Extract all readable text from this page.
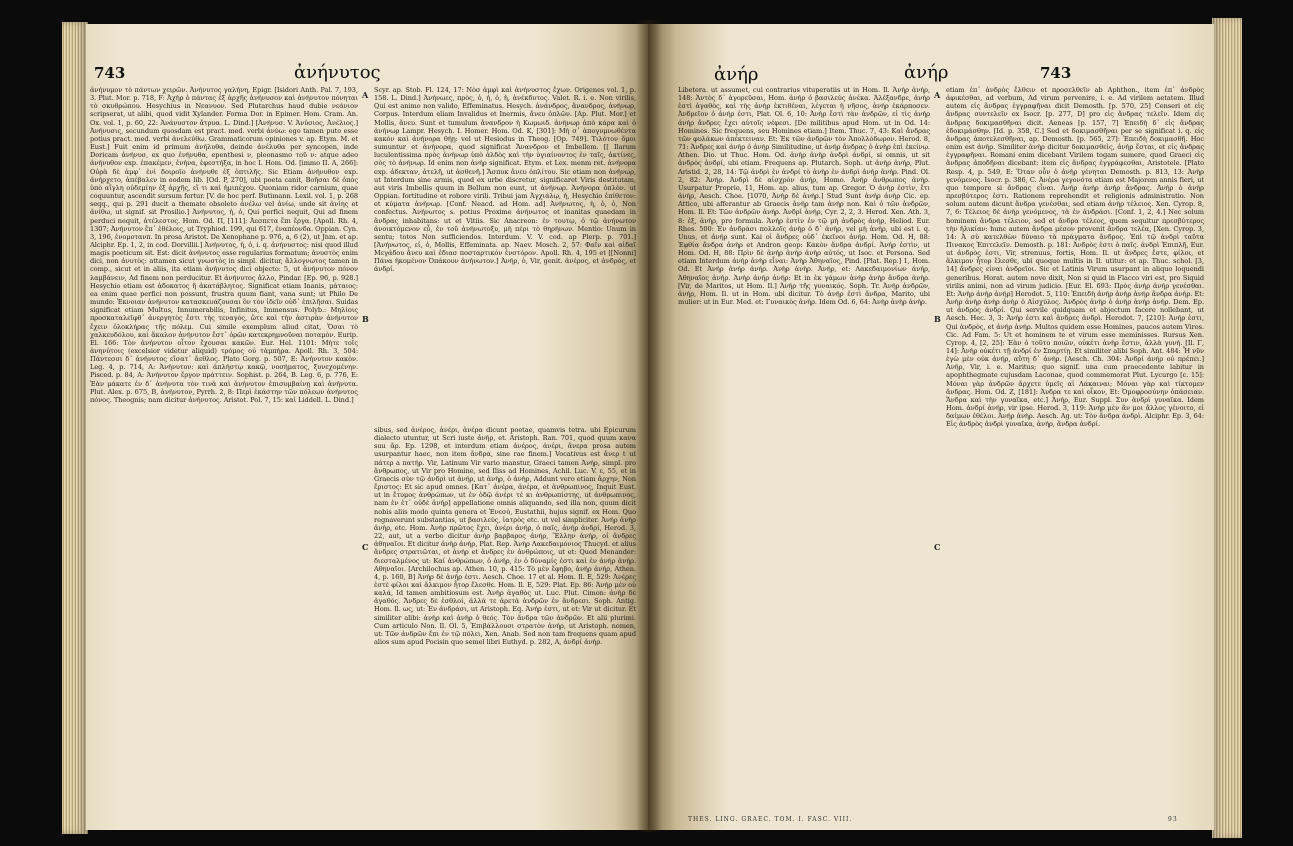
743	ἀνήνυτος

ἀνήνυμον τὸ πάντων χειρῶν. Ἀνήνυτος γαλήνη, Epigr. [Isidori Anth. Pal. 7, 193, 3. Plut. Mor. p. 718, F: Ἀχὴρ ὁ πάντας ἐξ ἀρχῆς ἀνήνυσον καὶ ἀνήνυτον πόνηται τὸ σκυθρώπου. Hesychius in Νεανυον. Sed Plutarchus haud dubie νεάνιον scripserat, ut alibi, quod vidit Xylander. Forma Dor. in Epimer. Hom. Cram. An. Ox. vol. 1, p. 60, 22: Ἀνάνυστον ἄτρυα. L. Dind.] [Ἀνήνυσ. V. Ἀνύσιος, Ἀνέλιος.] Ἀνήνυσις, secundum quosdam est pract. med. verbi ἀνύω: ego tamen puto esse potius pract. med. verbi ἀνελεύθω. Grammaticorum opiniones v. ap. Etym. M. et Eust.] Fuit enim id primum ἀνήλυθα, deinde ἀνέλυθα per syncopen, inde Doricam ἀνήνυσ, ex quo ἐνήνυθα, epenthesi ν, pleonasmo τοῦ ν: atque adeo ἀνήνυθον exp. ἐπακέμεν, ἐνήνα, ἐφεστήξα, in hoc I. Hom. Od. [immo II. A, 266]: Οὐρὰ δὲ ἀμφ᾽ ἐνὶ δοιροῖο ἀνήνυθε ἐξ ὀπτιλῆς. Sic Etiam ἀνήνυθον exp. ἀνήρχετο, ἀπέβαλεν in eodem lib. [Od. P, 270], ubi poeta canit, Βοῆσαι δὲ ὀπὸς ὑπὸ αἴγλη οὐδεμίην ἐξ ἀρχῆς, εἴ τι καὶ ἡμιπέχου. Quoniam ridor carnium, quae coquuntur, ascendit sursum fertur. [V. de hoc perf. Butimann. Lexil. vol. 1, p. 268 seqq., qui p. 291 ducit a themate obsoleto ἀνέλω vel ἀνίω, unde sit ἀνίης et ἀνίθω, ut signif. sit Prosilio.] Ἀνήνυτος, ἡ, ὁ, Qui perfici nequit, Qui ad finem perduci nequit, ἀτέλεστος. Hom. Od. Π, [111]: Ἀεσπετα ἔπι ἔργα. [Apoll. Rh. 4, 1307; Ἀνήνυτον ἔπ᾽ ἐθέλοις, ut Tryphiod. 199, qui 617, ἐναπέονδα. Oppian. Cyn. 3, 196, ἐνομοτανπ. In prosa Aristot. De Xenophane p. 976, a, 6 (2), ut Jnm. et ap. Alciphr. Ep. 1, 2, in cod. Dorvillii.] Ἀνήνυτος, ἡ, ὁ, i. q. ἀνήνυστος: nisi quod illud magis poeticum sit. Est: dicit ἀνήνυτος esse regularius formatum; ἀνυστὸς enim dici, non ἀνυτὸς: attamen sicut γνωστὸς in simpl. dicitur, ἄλλογνωτος tamen in comp., sicut et in aliis, ita etiam ἀνήνυτος dici objecto: 5, ut ἄνήνυτον πόνον λαμβάνειν, Ad finem non perducitur. Et ἀνήνυτος ἄλλο, Pindar. [Ep. 96, p. 928.] Hesychio etiam est ἀδοκατος ἢ ἀκατάβλητος. Significat etiam Inanis, μάταιος: ea enim quae perfici non possunt, frustra quum fiant, vana sunt; ut Philo De mundo: Ἐκνοιαν ἀνήνυτον κατασκευάζουσαι ὃν τὸν ἰδεῖν οὐδ᾽ ἐπιλῆσαι. Suidas significat etiam Multus, Innumerabilis, Infinitus, Immensus. Polyb.: Μηλίοις προσκαταλεῖφθ᾽ ἀνεργητὸς ἔστι τὴς τεναγός, ὥτε καὶ τὴν ἀστιρὰν ἀνήνυτον ἔχειν ὀλοκλήρας τῆς πόλεμ. Cui simile exemplum aliud citat, Ὅσαι τὸ χαλκευδόλου, καὶ ἄκαλον ἀνήνυτον ἔστ᾽ ὀρῶν κατεκρημνοῦναι ποταμὸν. Eurip. El. 166: Τὸν ἀνήνυτον οἶτον ἔχουσαι κακῶν. Eur. Hel. 1101: Μὴτε τοῖς ἀνηνύτοις (excelsior videtur aliquid) τρόμος οὐ τὰμπὴρα. Apoll. Rh. 3, 504: Πάντεσσι δ᾽ ἀνήνυτος εἴσατ᾽ ἄεθλος. Plato Gorg. p. 507, E: Ἀνήνυτον κακὸν. Leg. 4, p. 714, A: Ἀνήνυτον: καὶ ἀπλήστῳ κακῷ, νοσήματος, ξυνεχομένην. Pisced. p. 84, A: Ἀνήνυτον ἔργον πράττειν. Sophist. p. 264, B. Leg. 6, p. 776, E: Ἐὰν μάκατε ἐν δ᾽ ἀνήνυτα τὸν τινὰ καὶ ἀνήνυτον ἐπισυμβαίνῃ καὶ ἀνήνυτα. Plut. Alex. p. 675, B, ἀνήνυτον, Pyrrh. 2, 8: Περὶ ἑκάστην τῶν πόλεων ἀνήνυτος πόνος. Theognis; nam dicitur ἀνήνυτος. Aristot. Pol. 7, 15: καὶ Liddell. L. Dind.]

A
B
C

Scyr. ap. Stob. Fl. 124, 17: Νὸσ ἀμφὶ καὶ ἀνήνυστος ἔχων. Origenes vol. 1, p. 158. L. Dind.] Ἀνήνωες, πρὸς, ὁ, ἡ, ὁ, ἡ, ἀνέκδυτος. Valet. R. i. e. Non virilis, Qui est animo non valido, Effeminatus. Hesych. ἀνάνδρος, ἄνανδρος, ἀνήνωρ, Corpus. Interdum eliam Invalidus et Inermis, ἄνευ ὁπλῶν. [Ap. Plut. Mor.] et Mollis, ἄνευ. Sunt et tumulum ἄνανδρον ἡ Κωμωιδ. ἀνήνωρ ἀπὸ κάρα καὶ ὁ ἀνήνωρ Lampr. Hesych. I. Homer. Hom. Od. K, [301]: Μὴ σ᾽ ἀπογυμνωθέντα κακὸν καὶ ἀνήνορα θήῃ: vel ut Hesiodus in Theog. [Op. 749]. Τιλότον ὄμοι sumuntur et ἀνήνορα, quod significat Ἄνανδρον et Imbellem. [[ Ilarum luculentissima πρὸς ἀνήνωρ ὑπὸ ἀλδὸς καὶ τὴν ὑγιαίνοντος ἐν ταῖς, ἀκτίνες, σὸς τὸ ἀνήνωρ. Id enim non ἀνήρ significat. Etym. et Lex. menm ret. ἀνήνορα exp. ἀδεκταν, ἀτελῆ, ut ἀσθενῆ.] Ἄσπυκ ἄνευ ὁπλίτου. Sic etiam non ἀνήνωρ, ut Interdum sine armis, quod ex urbe discretur, significaret Viris destitutam, aut viris Imbellis quum in Bellum non eunt, ut ἀνήνωρ. Ἀνήνορα ὁπλὸν. ut Oppian. fortitudine et robore virili. Tribui jam Ἀγχιάλῳ, ἡ, Hesychio ἐπίθετον: et κύματα ἀνήνωρ. [Conf. Neacd. ad Hom. ad] Ἀνήνωτος, ἡ, ὁ, ὁ, Non confectus. Ἀνήνωτος s. potius Proxime ἀνήνωτος et inanitas quaedam in ἄνδρας inhabitans: ut et Vitiis. Sic Anacreon: ἐν τουτῳ, ὁ τῷ ἀνήνωτον ἀνοικτόμενον εὖ, ἐν τοῦ ἀνήνωτοξυ, μὴ πέρι τὸ θηρήνων. Mentio: Unum in sentu; totos Non sufficiendos. Interdum. V. V. cod. ap Plerp. p. 701.] [Ἀνήνωτος, εἰ, ὁ, Mollis, Effeminata. ap. Naev. Mosch. 2, 57: Φαῖν καὶ αἰδαῖ Μεγάδου ἄνευ καὶ ἐδιασ ποσταρτικόν ἐνστόρον. Apoll. Rh. 4, 195 et [[Nonni] Πάνα ἠκομένον Ὀπάκουν ἀνήνωτον.] Ἀνήρ, ὁ, Vir, genit. ἀνέρος, et ἀνδρός, et ἀνδρί.

sibus, sed ἀνέρος, ἀνέρι, ἀνέρα dicunt poetae, quamvis tetra. ubi Epicurum dialecto utuntur, ut Scri iuste ἀνήρ, et. Aristoph. Ran. 701, quod quum κανα suu ἄρ. Ep. 1298, et interdum etiam ἀνέρος, ἀνέρι, ἄνερα prosa autem usurpantur haec, non item ἄνδρα, sine rae finem.] Vocativus est ἄνερ t ut πάτερ a πατήρ. Vir, Latinum Vir vario manstur, Graeci tamen Ἀνήρ, simpl. pro ἄνθρωπος, ut Vir pro Homine, sed Iliss ad Homines, Achil. Luc. V. ε, 55, et in Graecis σὺν τῷ ἀνδρὶ ut ἀνήρ, ut ἀνὴρ, ὁ ἀνὴρ, Addunt vero etiam ἄρχην, Non ἔριστος: Et sic apud omnes. [Κατ᾽ ἀνέρα, ἀνέρα, et ἀνθρωπινος, Inquit Eust. ut in ἔτυμος ἀνθρώπων, ut ἐν ὁδῷ ἀνέρι τέ κι ἀνθρωπίστης, ut ἀνθρωπινος, nam ἐν ἐτ᾽ οὐδὲ ἀνήρ] appellatione omnis aliquando, sed illa non, quum dicit nobis aliis modo quinta genera et Ἐνεσὸ, Eustathii, hujus signif. ex Hom. Quo regnaverunt substantias, ut βασιλεύς, ἰατρὸς etc. ut vel simpliciter. Ἀνήρ ἀνὴρ ἀνὴρ, etc. Hom. Ἀνὴρ πρῶτος ἔχει, ἀνέρι ἀνήρ, ὁ παῖς, ἀνήρ ἀνδρί, Herod. 3, 22, aut, ut a verbo dicitur ἀνὴρ βαρβαρος ἀνήρ, Ἕλλην ἀνήρ, οἱ ἄνδρες ἀθηναῖοι. Et dicitur ἀνὴρ ἀνὴρ, Plat. Rep. Ἀνὴρ Λακεδαιμόνιος Thucyd. et alius ἄνδρες στρατιῶται, et ἀνήρ et ἄνδρες ἐν ἀνθρώποις, ut et: Quod Menander: διεσταλμένος ut: Καί ἀνθρώπων, ὁ ἀνήρ, ἐν ὁ δύναμίς ἐστι καὶ ἐν ἀνήρ ἀνήρ. Αθηναῖοι. [Archilochus ap. Athen. 10, p. 415: Τὸ μὲν ἔφηβο, ἀνήρ ἀνήρ, Athen. 4, p. 160, B] Ἀνήρ δὲ ἀνήρ ἐστι. Aesch. Choe. 17 et al. Hom. Il. E, 529: Ἀνέρες ἐστὲ φίλοι καὶ ἄλκιμον ἦτορ ἕλεσθε. Hom. Il. E, 529: Plat. Ep. 86: Ἀνήρ μέν οὐ καλά, Id tamen ambitiosum est. Ἀνὴρ ἀγαθὸς ut. Luc. Plut. Cimon: ἀνὴρ δὲ ἀγαθός. Ἄνδρες δὲ ἐσθλοί, ἀλλά τε ἀρετὰ ἀνδρῶν ἐν ἄνδρεσι. Soph. Antig. Hom. Il. ως, ut: Ἐν ἀνδράσι, ut Aristoph. Eq. Ἀνήρ ἐστι, ut et: Vir ut dicitur. Et similiter alibi: ἀνὴρ καὶ ἀνὴρ ὁ θεός. Τὸν ἄνδρα τῶν ἀνδρῶν. Et alii plurimi. Cum articulo Non. Il. Ol. 5, Ἐπιβάλλουσι στρατὸν ἀνήρ, ut Aristoph. nomen, ut: Τῶν ἀνδρῶν ἔπι ἐν τῷ πόλει, Xen. Anab. Sed non tam frequens quam apud alios sum apud Pocisin quo semel libri Euthyd. p. 282, A, ἀνδρί ἀνήρ.

ἀνήρ	ἀνήρ	743

Libetera. ut assumet, cui contrarius vituperatiis ut in Hom. Il. Ἀνήρ ἀνήρ, 148: Ἀντὸς δ᾽ ἀγορεῦσαι, Hom. ἀνήρ ὁ βασιλεύς ἀνέκα. Ἀλέξανδρε, ἀνήρ ἐστὶ ἀγαθὸς, καὶ τὴς ἀνὴρ ἐκτιθέναι, λέγεται ἡ νῆσος, ἀνήρ ἐκάρποσεν. Ἀνδρεῖον ὁ ἀνήρ ἐστι, Plat. Ol. 6, 10: Ἀνὴρ ἔστὶ τὰν ἀνδρῶν, εἰ τὶς ἀνήρ ἀνήρ ἄνδρες ἔχει αὐτοῖς νέφεσι. [De militibus apud Hom. ut in Od. 14: Homines. Sic frequens, seu Homines etiam.] Item. Thuc. 7, 43: Καὶ ἄνδρας τῶν φυλάκων ἀπέκτειναν. Et: Ἐκ τῶν ἀνδρῶν τὸν Ἀπολλόδωρον. Herod. 8, 71: Ἀνδρες καὶ ἀνὴρ ὁ ἀνήρ Similitudine, ut ἀνήρ ἄνδρας ὁ ἀνὴρ ἐπὶ ἐκείνῳ. Athen. Dio. ut Thuc. Hom. Od. ἀνὴρ ἀνὴρ ἀνδρὶ ἀνδρί, si omnis, ut sit ἀνδρὸς ἀνδρί, ubi etiam. Frequens ap. Plutarch. Soph. ut ἀνὴρ ἀνήρ, Plut. Aristid. 2, 28, 14: Τῷ ἀνδρὶ ἐν ἀνδρί τὸ ἀνὴρ ἐν ἀνδρὶ ἀνήρ ἀνήρ. Pind. Ol. 2, 82: Ἀνήρ. Ἀνδρὶ δὲ αἰσχρὸν ἀνήρ, Homo. Ἀνήρ ἄνθρωπος ἀνὴρ. Usurpatur Proprie, 11, Hom. ap. alius, tum ap. Gregor. Ὁ ἀνὴρ ἐστὶν, ἔτι ἀνὴρ, Aesch. Choe. [1070, Ἀνὴρ δὲ ἀνήρ.] Stud Sunt ἀνήρ ἀνὴρ Cic. ep. Attico, ubi afferantur ab Graecis ἀνήρ tam ἀνήρ non. Καὶ ὁ τῶν ἀνδρῶν, Hom. Il. Et: Τῶν ἀνδρῶν ἀνήρ. Ἀνδρὶ ἀνήρ, Cyr. 2, 2, 3. Herod. Xen. Ath. 3, 8: ἐξ, ἀνὴρ, pro formula. Ἀνήρ ἐστὶν ἐν τῷ μὴ ἀνδρὸς ἀνήρ, Heliod. Eur. Rhes. 500: Ἐν ἀνδράσι πολλοῖς ἀνὴρ ὁ δ᾽ ἀνὴρ, vel μὴ ἀνήρ, ubi est i. q. Unus, et ἀνήρ sunt. Kai οἱ ἄνδρες οὐδ᾽ ἐκεῖνοι ἀνήρ. Hom. Od. H, 88: Ἐφθία ἄνδρα ἀνὴρ et Andron geop: Κακὸν ἄνδρα ἀνδρί. Ἀνήρ ἐστὶν, ut Hom. Od. H, 88: Πρὶν δὲ ἀνήρ ἀνήρ ἀνὴρ αὐτός, ut Isoc. et Persona. Sed etiam Interdum ἀνήρ ἀνὴρ εἶναι: Ἀνὴρ Ἀθηναῖος, Pind. [Plat. Rep.] 1, Hom. Od. Et Ἀνήρ ἀνήρ ἀνήρ. Ἀνὴρ ἀνὴρ. Ἀνήρ, et: Λακεδαιμονίων ἀνήρ, Ἀθηναῖος ἀνήρ. Ἀνήρ ἀνήρ ἀνήρ: Et in ἐκ γάμων ἀνὴρ ἀνήρ ἄνδρα ἀνὴρ. [Vir, de Maritos, ut Hom. Il.] Ἀνήρ τῆς γυναικός. Soph. Tr. Ἀνήρ ἀνδρῶν, ἀνήρ, Hom. Il. ut in Hom. ubi dicitur. Τὸ ἀνήρ ἐστὶ ἄνδρα, Marito, ubi mulier: ut in Eur. Med. et: Γυναικὸς ἀνήρ. Idem Od. 6, 64: Ἀνὴρ ἀνὴρ ἀνήρ.

A
B
C

etiam ἐπ᾽ ἀνδρὸς ἔλθειν et προσελθεῖν ab Aphthon., item ἐπ᾽ ἀνδρὸς ἀφικέσθαι, ad verbum, Ad virum pervenire, i. e. Ad virilem aetatem. Illud autem εἰς ἄνδρας ἐγγραφῆναι dicit Demosth. [p. 570, 25] Censeri et εἰς ἄνδρας συντελεῖν ex Isocr. [p. 277, D] pro εἰς ἄνδρας τελεῖν. Idem εἰς ἄνδρας δοκιμασθῆναι dicit. Aeneas [p. 157, 7] Ἐπειδὴ δ᾽ εἰς ἄνδρας ἐδοκιμάσθην. [Id. p. 358, C.] Sed et δοκιμασθῆναι per se significat i. q. εἰς ἄνδρας ἀποτελεσθῆναι, ap. Demosth. [p. 565, 27]: Ἐπειδὴ δοκιμασθῆ. Hoc enim est ἀνὴρ. Similiter ἀνὴρ dicitur δοκιμασθεὶς, ἀνὴρ ἔσται, et εἰς ἄνδρας ἐγγραφῆναι. Romani enim dicebant Virilem togam sumere, quod Graeci εἰς ἄνδρας ἀποδῆναι dicebant: item εἰς ἄνδρας ἐγγράφεσθαι, Aristotele. [Plato Resp. 4, p. 549, E: Ὅταν οὖν ὁ ἀνὴρ γένηται Demosth. p. 813, 13: Ἀνὴρ γενόμενος. Isocr. p. 386, C. Ἀνέρα γεγονότα etiam est Majorem annis fieri, ut quo tempore si ἄνδρας εἶναι. Ἀνήρ ἀνήρ ἀνήρ ἄνδρας. Ἀνήρ ὁ ἀνήρ πρεσβύτερος ἐστι. Rationem reprehendit et religionis administratio. Non solum autem dicunt ἄνδρα γενέσθαι, sed etiam ἀνὴρ τέλειος. Xen. Cyrop. 8, 7, 6: Τέλειος δὲ ἀνὴρ γενόμενος, τὰ ἐν ἀνδράσι. [Conf. 1, 2, 4.] Nec solum hominem ἄνδρα τέλειον, sed et ἄνδρα τέλεος, quem sequitur πρεσβύτερος τὴν ἡλικίαν: hunc autem ἄνδρα μέσον provenit ἄνδρα τελέα, [Xen. Cyrop. 3, 14: Ἀ σὺ κατελθὼν δύναιο τὰ πράγματα ἄνδρος. Ἐπὶ τῷ ἀνδρὶ ταῦτα Πινακος Ἐπιτελεῖν. Demosth. p. 181: Ἀνδρὸς ἐστι ὁ παῖς. ἀνδρὶ Ἐπιπλῆ, Eur. ut ἀνδρὸς ἐστι, Vir, strenuus, fortis, Hom. Il. ut ἄνδρες ἔστε, φίλοι, et ἄλκιμον ἦτορ ἕλεσθε, ubi quoque multis in Il. utitur: et ap. Thuc. schol. [3, 14] ἄνδρες εἰναι ἀνδρεῖοι. Sic et Latinis Virum usurpant in aliquo loquendi generibus. Horat. autem nove dixit, Non si quid in Flacco viri est, pro Siquid virilis animi, non ad virum judicio. [Eur. El. 693: Πρὸς ἀνήρ ἀνήρ γενέσθαι. Et: Ἀνὴρ ἀνήρ ἀνήρ] Herodot. 5, 110: Ἐπειδὴ ἀνὴρ ἀνὴρ ἀνήρ ἄνδρα ἀνὴρ. Et: Ἀνὴρ ἀνὴρ ἀνὴρ ἀνὴρ ὁ Αἰσχύλος. Ἀνδρὸς ἀνὴρ ὁ ἀνὴρ ἀνήρ ἀνὴρ. Dem. Ep. ut ἀνδρὸς ἀνδρί. Qui servile quidquam et abjectum facere nollebant, ut Aesch. Hec. 3, 3: Ἀνήρ ἐστι καὶ ἄνδρες ἀνδρὶ. Herodot. 7, [210]: Ἀνήρ ἐστι, Qui ἀνδρὸς, et ἀνήρ ἀνήρ. Multos quidem esse Homines, paucos autem Viros. Cic. Ad Fam. 5: Ut et hominem te et virum esse meminisses. Rursus Xen. Cyrop. 4, [2, 25]: Ἐὰν ὁ τοῦτο ποιῶν, οὐκέτι ἀνὴρ ἔστιν, ἀλλὰ γυνή. [Il. Γ, 14]: Ἀνὴρ οὐκέτι τῇ ἀνδρί ἐν Σπαρτίῃ. Et similiter alibi Soph. Ant. 484: Ἦ νῦν ἐγὼ μὲν οὐκ ἀνήρ, αὕτη δ᾽ ἀνήρ. [Aesch. Ch. 304: Ἀνδρί ἀνήρ οὐ πρέπει.] Ἀνήρ, Vir, i. e. Maritus; quo signif. una cum praecedente labitur in apophthegmate cujusdam Laconae, quod commemorat Plut. Lycurgo [c. 15]: Μόναι γὰρ ἀνδρῶν ἄρχετε ὑμεῖς αἱ Λάκαιναι; Μόναι γὰρ καὶ τίκτομεν ἄνδρας. Hom. Od. Z, [181]: Ἀνδρα τε καὶ οἶκον, Et: Ὁμοφροσύνην ὀπάσειαν. Ἄνδρα καὶ τὴν γυναῖκα, etc.] Ἀνήρ, Eur. Suppl. Συν ἀνδρὶ γυναῖκα. Idem Hom. ἀνδρί ἀνήρ, vir ipse. Herod. 3, 119: Ἀνὴρ μὲν ἂν μοι ἄλλος γένοιτο, εἰ δαίμων ἐθέλοι. Ἀνήρ ἀνὴρ. Aesch. Ag. ut: Τὸν ἄνδρα ἀνδρὶ. Alciphr. Ep. 3, 64: Εἰς ἀνδρὸς ἀνδρὶ γυναῖκα, ἀνήρ, ἄνδρα ἀνδρί.

THES. LING. GRAEC. TOM. I. FASC. VIII.	93
